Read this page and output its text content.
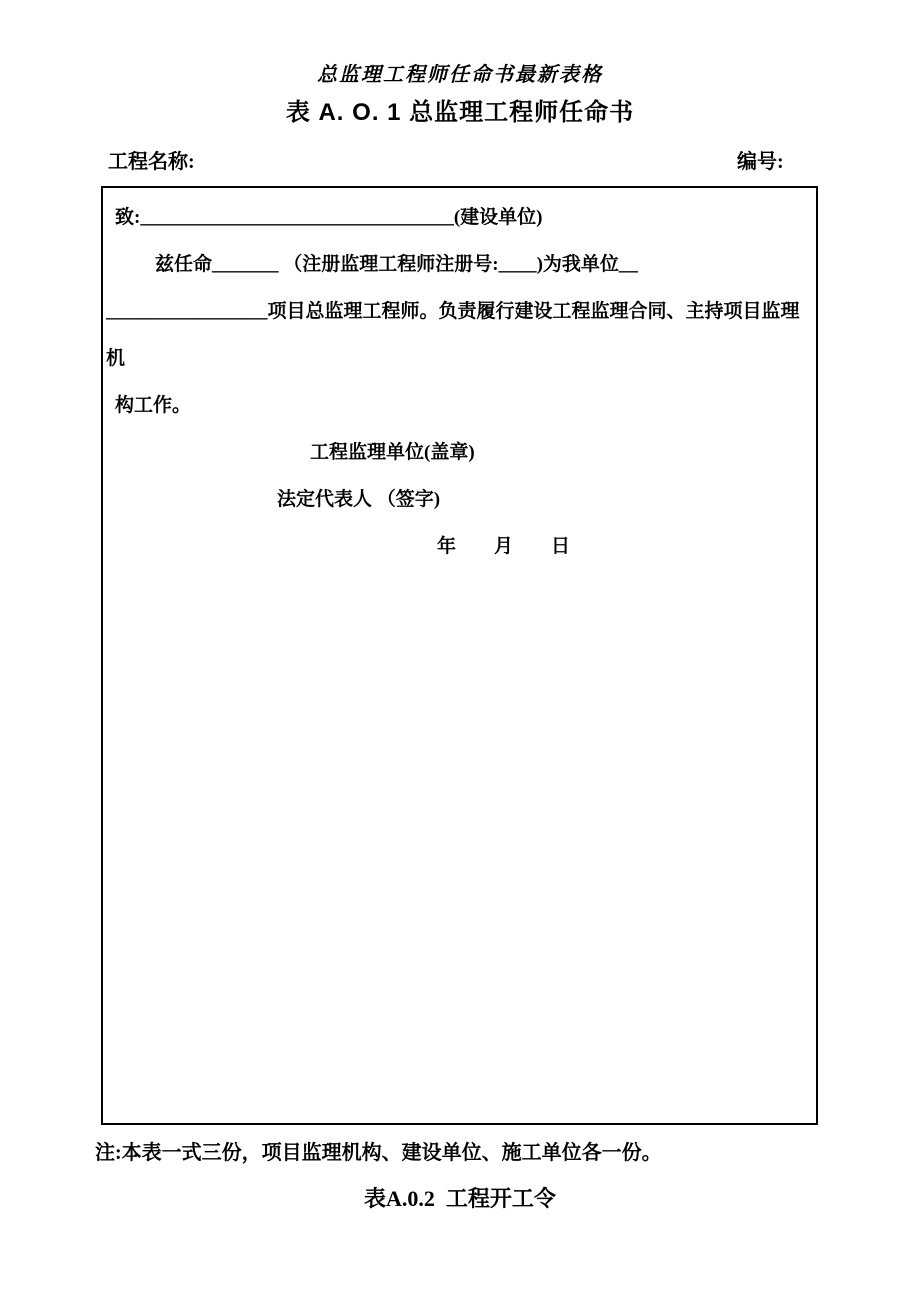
总监理工程师任命书最新表格
表 A. O. 1 总监理工程师任命书
工程名称:	编号:

致:_________________________________(建设单位)

兹任命_______ （注册监理工程师注册号:____)为我单位__

_________________项目总监理工程师。负责履行建设工程监理合同、主持项目监理机

构工作。

工程监理单位(盖章)

法定代表人 （签字)

年　　月　　日

注:本表一式三份，项目监理机构、建设单位、施工单位各一份。
表A.0.2  工程开工令
